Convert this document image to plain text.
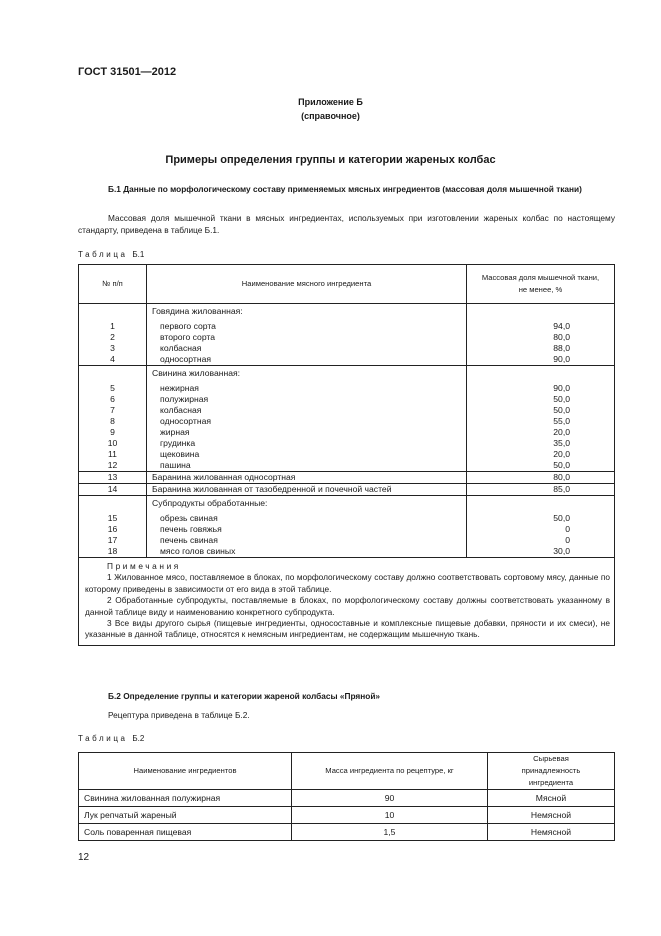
ГОСТ 31501—2012
Приложение Б
(справочное)
Примеры определения группы и категории жареных колбас
Б.1 Данные по морфологическому составу применяемых мясных ингредиентов (массовая доля мышечной ткани)
Массовая доля мышечной ткани в мясных ингредиентах, используемых при изготовлении жареных колбас по настоящему стандарту, приведена в таблице Б.1.
Таблица Б.1
№ п/п	Наименование мясного ингредиента	Массовая доля мышечной ткани, не менее, %
	Говядина жилованная:	

1	первого сорта	94,0
2	второго сорта	80,0
3	колбасная	88,0
4	односортная	90,0
	Свинина жилованная:	

5	нежирная	90,0
6	полужирная	50,0
7	колбасная	50,0
8	односортная	55,0
9	жирная	20,0
10	грудинка	35,0
11	щековина	20,0
12	пашина	50,0
13	Баранина жилованная односортная	80,0
14	Баранина жилованная от тазобедренной и почечной частей	85,0
	Субпродукты обработанные:	

15	обрезь свиная	50,0
16	печень говяжья	0
17	печень свиная	0
18	мясо голов свиных	30,0

Примечания
1 Жилованное мясо, поставляемое в блоках, по морфологическому составу должно соответствовать сортовому мясу, данные по которому приведены в зависимости от его вида в этой таблице.
2 Обработанные субпродукты, поставляемые в блоках, по морфологическому составу должны соответствовать указанному в данной таблице виду и наименованию конкретного субпродукта.
3 Все виды другого сырья (пищевые ингредиенты, односоставные и комплексные пищевые добавки, пряности и их смеси), не указанные в данной таблице, относятся к немясным ингредиентам, не содержащим мышечную ткань.		
Б.2 Определение группы и категории жареной колбасы «Пряной»
Рецептура приведена в таблице Б.2.
Таблица Б.2
Наименование ингредиентов	Масса ингредиента по рецептуре, кг	Сырьевая принадлежность ингредиента
Свинина жилованная полужирная	90	Мясной
Лук репчатый жареный	10	Немясной
Соль поваренная пищевая	1,5	Немясной
12
